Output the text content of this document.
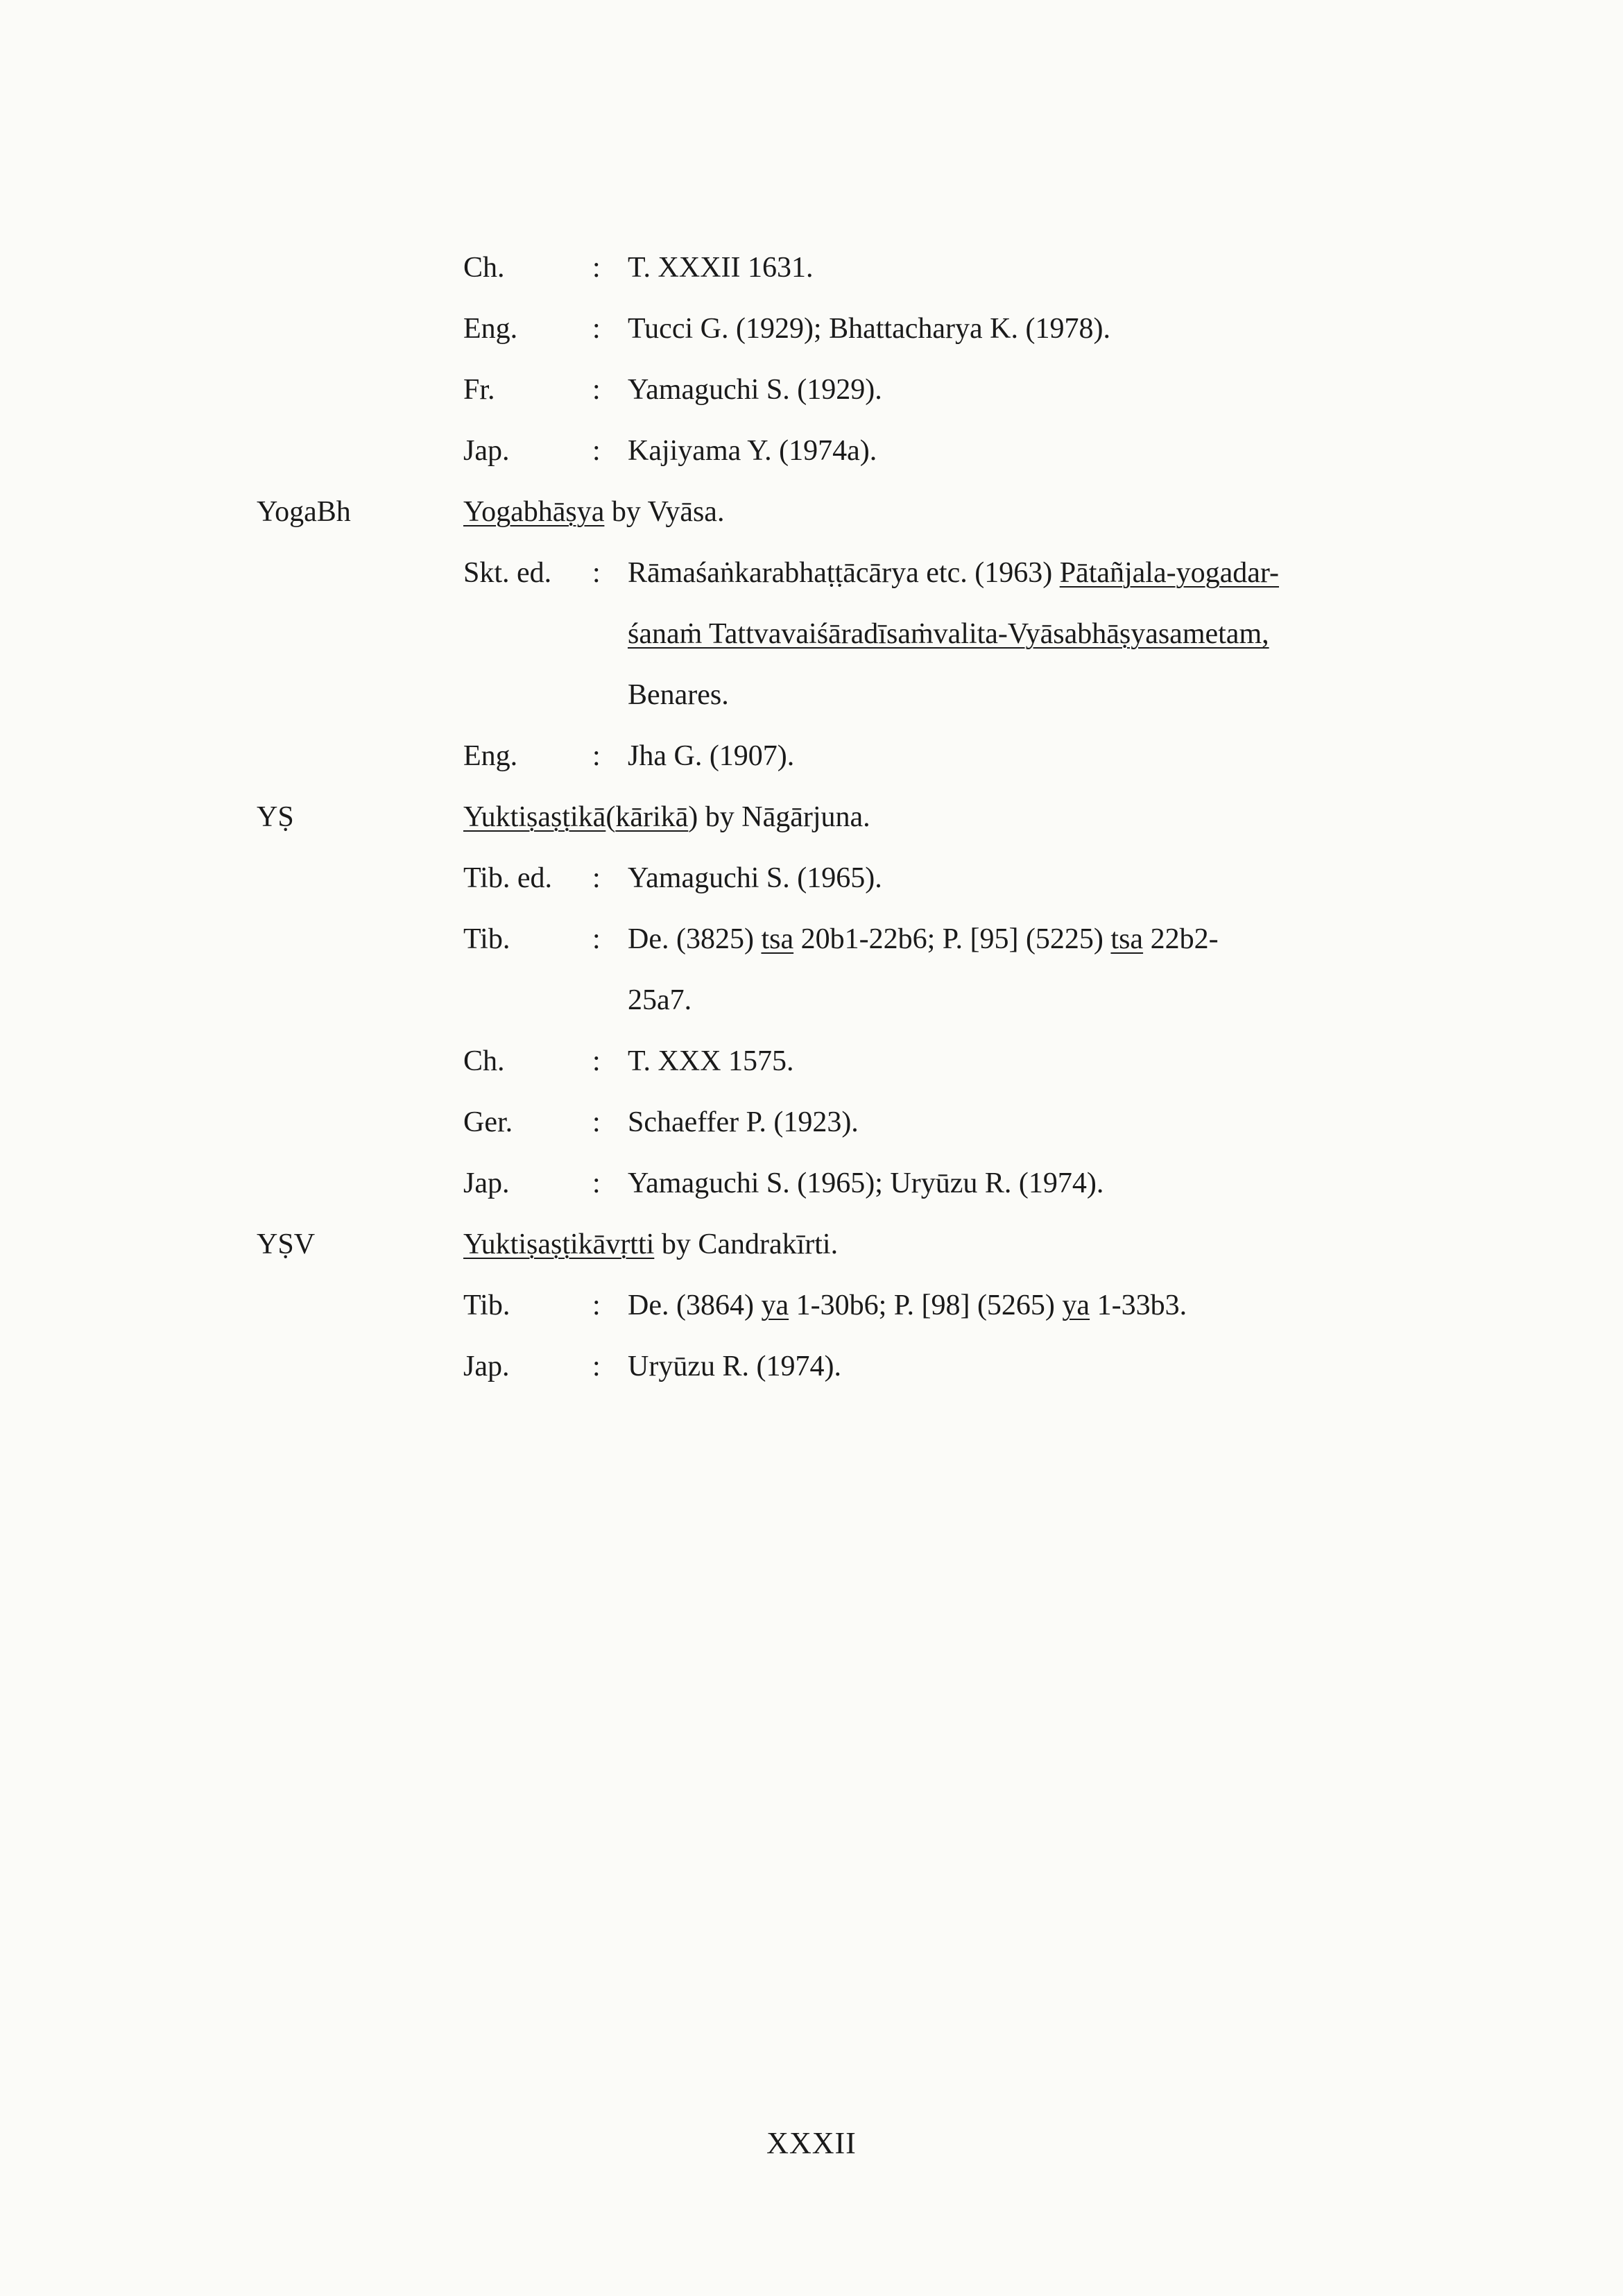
Ch.	: T. XXXII 1631.
Eng.	: Tucci G. (1929); Bhattacharya K. (1978).
Fr.	: Yamaguchi S. (1929).
Jap.	: Kajiyama Y. (1974a).
YogaBh	Yogabhāṣya by Vyāsa.
Skt. ed. : Rāmaśaṅkarabhaṭṭācārya etc. (1963) Pātañjala-yogadar-
śanaṁ Tattvavaiśāradīsaṁvalita-Vyāsabhāṣyasametam,
Benares.
Eng.	: Jha G. (1907).
YṢ	Yuktiṣaṣṭikā(kārikā) by Nāgārjuna.
Tib. ed. : Yamaguchi S. (1965).
Tib.	: De. (3825) tsa 20b1-22b6; P. [95] (5225) tsa 22b2-
25a7.
Ch.	: T. XXX 1575.
Ger.	: Schaeffer P. (1923).
Jap.	: Yamaguchi S. (1965); Uryūzu R. (1974).
YṢV	Yuktiṣaṣṭikāvṛtti by Candrakīrti.
Tib.	: De. (3864) ya 1-30b6; P. [98] (5265) ya 1-33b3.
Jap.	: Uryūzu R. (1974).
XXXII
